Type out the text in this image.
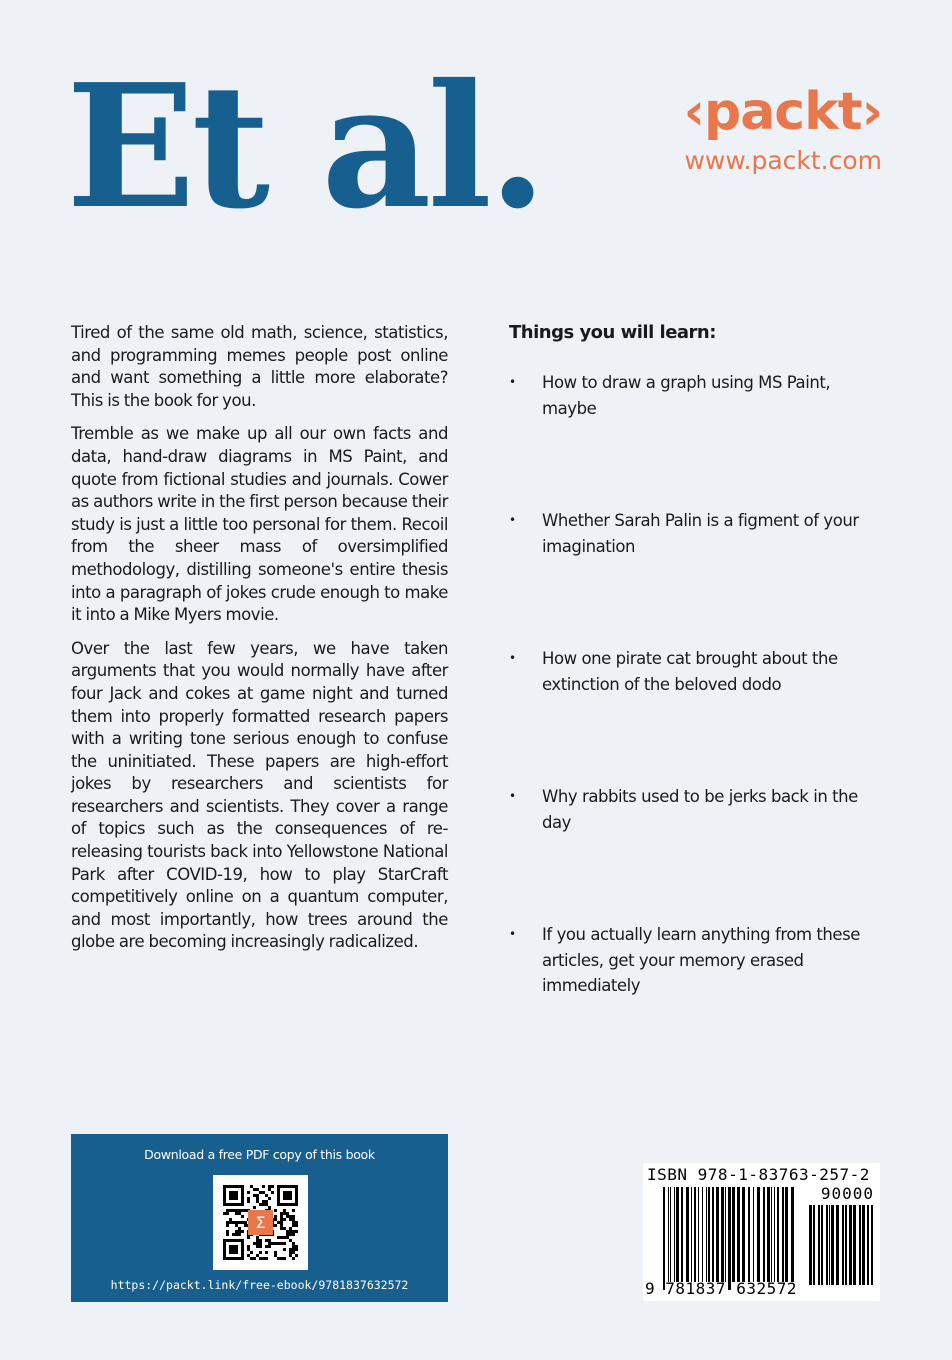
Et al.	‹packt›
www.packt.com

Tired of the same old math, science, statistics, and programming memes people post online and want something a little more elaborate? This is the book for you.

Tremble as we make up all our own facts and data, hand-draw diagrams in MS Paint, and quote from fictional studies and journals. Cower as authors write in the first person because their study is just a little too personal for them. Recoil from the sheer mass of oversimplified methodology, distilling someone's entire thesis into a paragraph of jokes crude enough to make it into a Mike Myers movie.

Over the last few years, we have taken arguments that you would normally have after four Jack and cokes at game night and turned them into properly formatted research papers with a writing tone serious enough to confuse the uninitiated. These papers are high-effort jokes by researchers and scientists for researchers and scientists. They cover a range of topics such as the consequences of re-releasing tourists back into Yellowstone National Park after COVID-19, how to play StarCraft competitively online on a quantum computer, and most importantly, how trees around the globe are becoming increasingly radicalized.

Things you will learn:
• How to draw a graph using MS Paint, maybe
• Whether Sarah Palin is a figment of your imagination
• How one pirate cat brought about the extinction of the beloved dodo
• Why rabbits used to be jerks back in the day
• If you actually learn anything from these articles, get your memory erased immediately
Download a free PDF copy of this book
Σ
https://packt.link/free-ebook/9781837632572
ISBN 978-1-83763-257-2
90000
9 781837 632572
